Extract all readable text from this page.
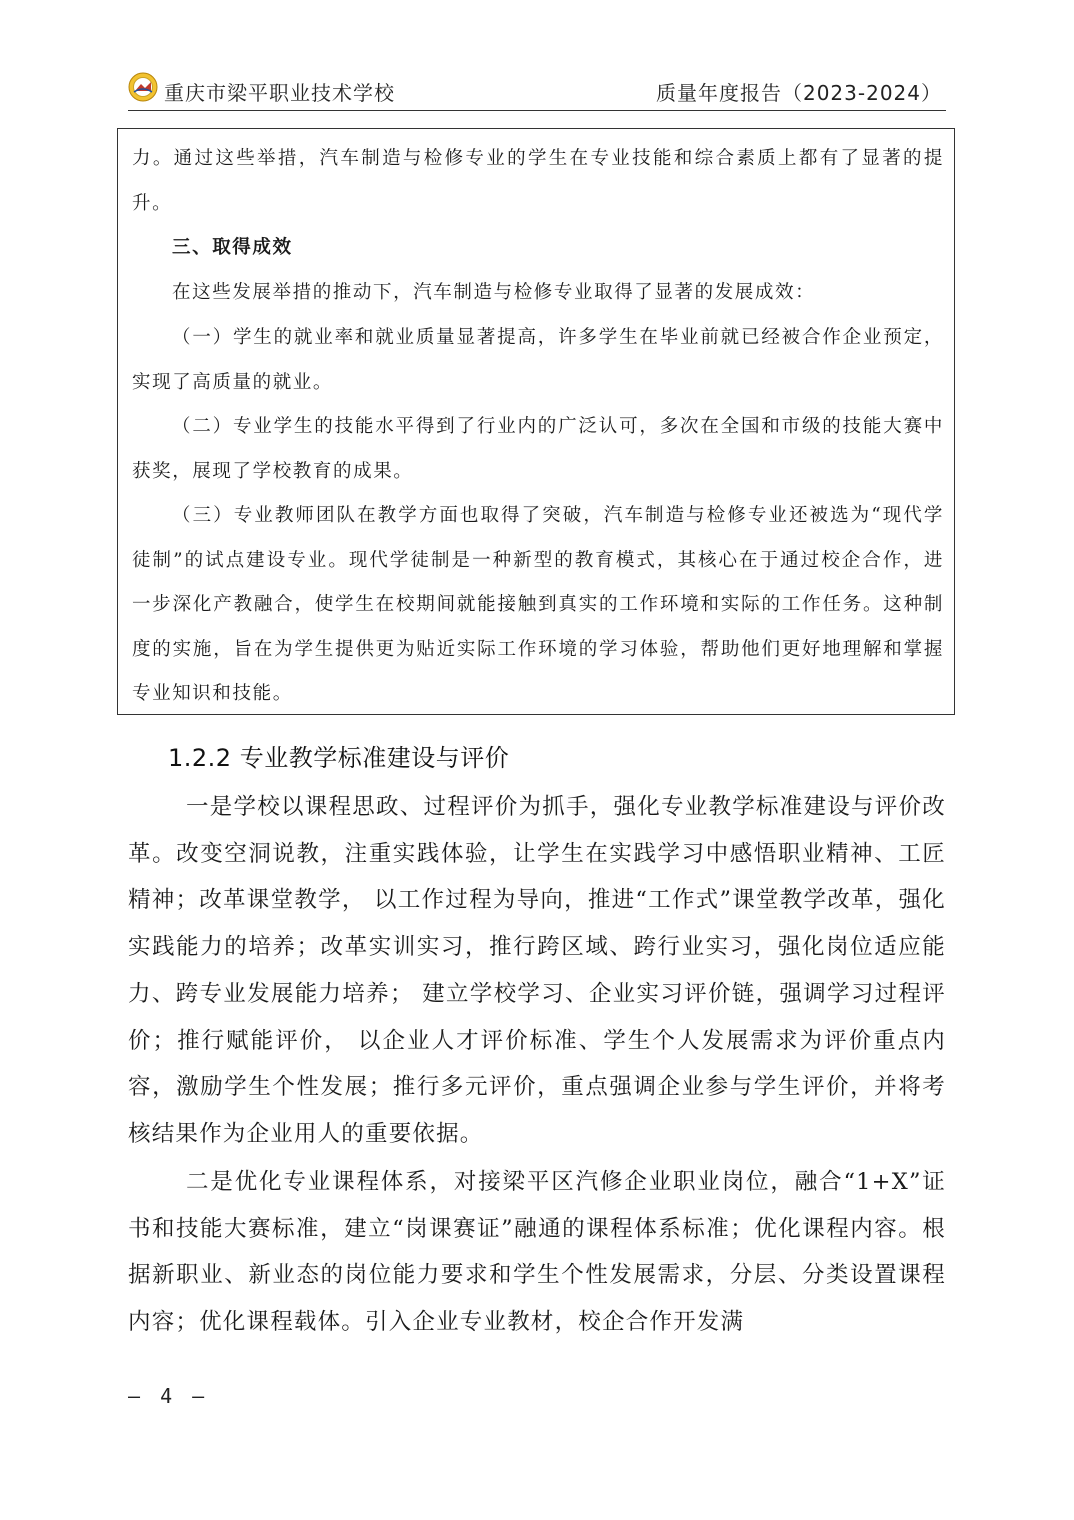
重庆市梁平职业技术学校	质量年度报告（2023-2024）

力。通过这些举措，汽车制造与检修专业的学生在专业技能和综合素质上都有了显著的提升。

三、取得成效

在这些发展举措的推动下，汽车制造与检修专业取得了显著的发展成效：

（一）学生的就业率和就业质量显著提高，许多学生在毕业前就已经被合作企业预定，实现了高质量的就业。

（二）专业学生的技能水平得到了行业内的广泛认可，多次在全国和市级的技能大赛中获奖，展现了学校教育的成果。

（三）专业教师团队在教学方面也取得了突破，汽车制造与检修专业还被选为“现代学徒制”的试点建设专业。现代学徒制是一种新型的教育模式，其核心在于通过校企合作，进一步深化产教融合，使学生在校期间就能接触到真实的工作环境和实际的工作任务。这种制度的实施，旨在为学生提供更为贴近实际工作环境的学习体验，帮助他们更好地理解和掌握专业知识和技能。

1.2.2 专业教学标准建设与评价

一是学校以课程思政、过程评价为抓手，强化专业教学标准建设与评价改革。改变空洞说教，注重实践体验，让学生在实践学习中感悟职业精神、工匠精神；改革课堂教学， 以工作过程为导向，推进“工作式”课堂教学改革，强化实践能力的培养；改革实训实习，推行跨区域、跨行业实习，强化岗位适应能力、跨专业发展能力培养； 建立学校学习、企业实习评价链，强调学习过程评价；推行赋能评价， 以企业人才评价标准、学生个人发展需求为评价重点内容，激励学生个性发展；推行多元评价，重点强调企业参与学生评价，并将考核结果作为企业用人的重要依据。

二是优化专业课程体系，对接梁平区汽修企业职业岗位，融合“1+X”证书和技能大赛标准，建立“岗课赛证”融通的课程体系标准；优化课程内容。根据新职业、新业态的岗位能力要求和学生个性发展需求，分层、分类设置课程内容；优化课程载体。引入企业专业教材，校企合作开发满

– 4 –
